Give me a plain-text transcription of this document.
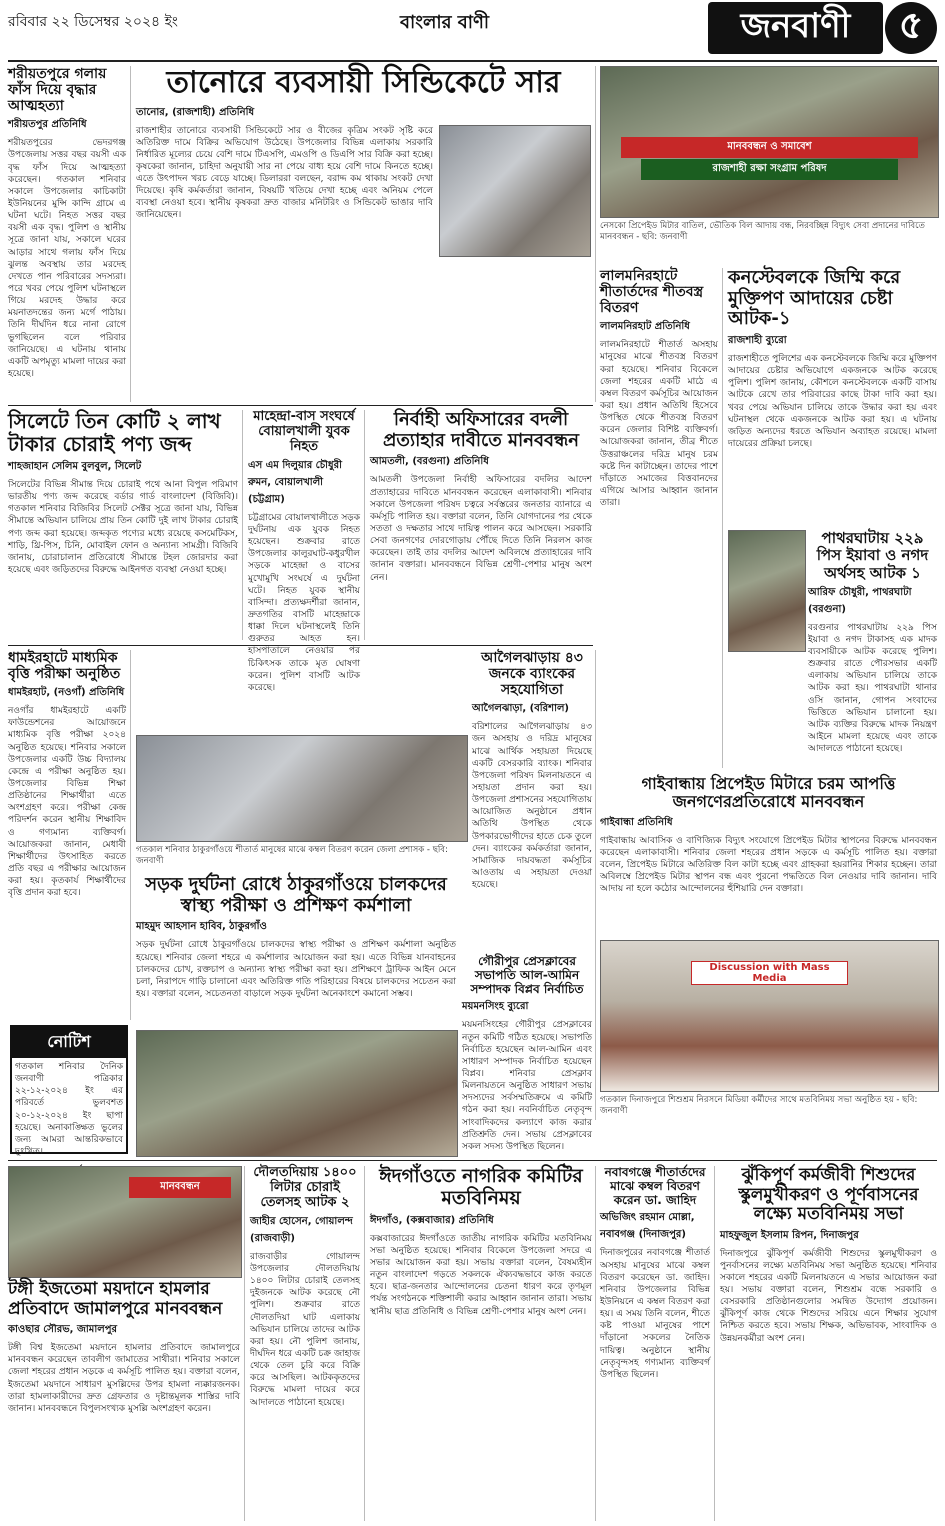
রবিবার ২২ ডিসেম্বর ২০২৪ ইং	বাংলার বাণী	জনবাণী	৫
শরীয়তপুরে গলায় ফাঁস দিয়ে বৃদ্ধার আত্মহত্যা
শরীয়তপুর প্রতিনিধি
শরীয়তপুরের ভেদরগঞ্জ উপজেলায় সত্তর বছর বয়সী এক বৃদ্ধ ফাঁস দিয়ে আত্মহত্যা করেছেন। গতকাল শনিবার সকালে উপজেলার কাচিকাটা ইউনিয়নের মুন্সি কান্দি গ্রামে এ ঘটনা ঘটে। নিহত সত্তর বছর বয়সী এক বৃদ্ধ। পুলিশ ও স্থানীয় সূত্রে জানা যায়, সকালে ঘরের আড়ার সাথে গলায় ফাঁস দিয়ে ঝুলন্ত অবস্থায় তার মরদেহ দেখতে পান পরিবারের সদস্যরা। পরে খবর পেয়ে পুলিশ ঘটনাস্থলে গিয়ে মরদেহ উদ্ধার করে ময়নাতদন্তের জন্য মর্গে পাঠায়। তিনি দীর্ঘদিন ধরে নানা রোগে ভুগছিলেন বলে পরিবার জানিয়েছে। এ ঘটনায় থানায় একটি অপমৃত্যু মামলা দায়ের করা হয়েছে।
তানোরে ব্যবসায়ী সিন্ডিকেটে সার
তানোর, (রাজশাহী) প্রতিনিধি
রাজশাহীর তানোরে ব্যবসায়ী সিন্ডিকেটে সার ও বীজের কৃত্রিম সংকট সৃষ্টি করে অতিরিক্ত দামে বিক্রির অভিযোগ উঠেছে। উপজেলার বিভিন্ন এলাকায় সরকারি নির্ধারিত মূল্যের চেয়ে বেশি দামে টিএসপি, এমওপি ও ডিএপি সার বিক্রি করা হচ্ছে। কৃষকেরা জানান, চাহিদা অনুযায়ী সার না পেয়ে বাধ্য হয়ে বেশি দামে কিনতে হচ্ছে। এতে উৎপাদন খরচ বেড়ে যাচ্ছে। ডিলাররা বলছেন, বরাদ্দ কম থাকায় সংকট দেখা দিয়েছে। কৃষি কর্মকর্তারা জানান, বিষয়টি খতিয়ে দেখা হচ্ছে এবং অনিয়ম পেলে ব্যবস্থা নেওয়া হবে। স্থানীয় কৃষকরা দ্রুত বাজার মনিটরিং ও সিন্ডিকেট ভাঙার দাবি জানিয়েছেন।
মানববন্ধন ও সমাবেশ
রাজশাহী রক্ষা সংগ্রাম পরিষদ
নেসকো প্রিপেইড মিটার বাতিল, ভৌতিক বিল আদায় বন্ধ, নিরবচ্ছিন্ন বিদ্যুৎ সেবা প্রদানের দাবিতে মানববন্ধন - ছবি: জনবাণী
লালমনিরহাটে শীতার্তদের শীতবস্ত্র বিতরণ
লালমনিরহাট প্রতিনিধি
লালমনিরহাটে শীতার্ত অসহায় মানুষের মাঝে শীতবস্ত্র বিতরণ করা হয়েছে। শনিবার বিকেলে জেলা শহরের একটি মাঠে এ কম্বল বিতরণ কর্মসূচির আয়োজন করা হয়। প্রধান অতিথি হিসেবে উপস্থিত থেকে শীতবস্ত্র বিতরণ করেন জেলার বিশিষ্ট ব্যক্তিবর্গ। আয়োজকরা জানান, তীব্র শীতে উত্তরাঞ্চলের দরিদ্র মানুষ চরম কষ্টে দিন কাটাচ্ছেন। তাদের পাশে দাঁড়াতে সমাজের বিত্তবানদের এগিয়ে আসার আহ্বান জানান তারা।
কনস্টেবলকে জিম্মি করে মুক্তিপণ আদায়ের চেষ্টা আটক-১
রাজশাহী ব্যুরো
রাজশাহীতে পুলিশের এক কনস্টেবলকে জিম্মি করে মুক্তিপণ আদায়ের চেষ্টার অভিযোগে একজনকে আটক করেছে পুলিশ। পুলিশ জানায়, কৌশলে কনস্টেবলকে একটি বাসায় আটকে রেখে তার পরিবারের কাছে টাকা দাবি করা হয়। খবর পেয়ে অভিযান চালিয়ে তাকে উদ্ধার করা হয় এবং ঘটনাস্থল থেকে একজনকে আটক করা হয়। এ ঘটনায় জড়িত অন্যদের ধরতে অভিযান অব্যাহত রয়েছে। মামলা দায়েরের প্রক্রিয়া চলছে।
পাথরঘাটায় ২২৯ পিস ইয়াবা ও নগদ অর্থসহ আটক ১
আরিফ চৌধুরী, পাথরঘাটা (বরগুনা)
বরগুনার পাথরঘাটায় ২২৯ পিস ইয়াবা ও নগদ টাকাসহ এক মাদক ব্যবসায়ীকে আটক করেছে পুলিশ। শুক্রবার রাতে পৌরসভার একটি এলাকায় অভিযান চালিয়ে তাকে আটক করা হয়। পাথরঘাটা থানার ওসি জানান, গোপন সংবাদের ভিত্তিতে অভিযান চালানো হয়। আটক ব্যক্তির বিরুদ্ধে মাদক নিয়ন্ত্রণ আইনে মামলা হয়েছে এবং তাকে আদালতে পাঠানো হয়েছে।
সিলেটে তিন কোটি ২ লাখ টাকার চোরাই পণ্য জব্দ
শাহজাহান সেলিম বুলবুল, সিলেট
সিলেটের বিভিন্ন সীমান্ত দিয়ে চোরাই পথে আনা বিপুল পরিমাণ ভারতীয় পণ্য জব্দ করেছে বর্ডার গার্ড বাংলাদেশ (বিজিবি)। গতকাল শনিবার বিজিবির সিলেট সেক্টর সূত্রে জানা যায়, বিভিন্ন সীমান্তে অভিযান চালিয়ে প্রায় তিন কোটি দুই লাখ টাকার চোরাই পণ্য জব্দ করা হয়েছে। জব্দকৃত পণ্যের মধ্যে রয়েছে কসমেটিকস, শাড়ি, থ্রি-পিস, চিনি, মোবাইল ফোন ও অন্যান্য সামগ্রী। বিজিবি জানায়, চোরাচালান প্রতিরোধে সীমান্তে টহল জোরদার করা হয়েছে এবং জড়িতদের বিরুদ্ধে আইনগত ব্যবস্থা নেওয়া হচ্ছে।
মাহেন্দ্রা-বাস সংঘর্ষে বোয়ালখালী যুবক নিহত
এস এম দিলুয়ার চৌধুরী রুমন, বোয়ালখালী (চট্টগ্রাম)
চট্টগ্রামের বোয়ালখালীতে সড়ক দুর্ঘটনায় এক যুবক নিহত হয়েছেন। শুক্রবার রাতে উপজেলার কালুরঘাট-কধুরখীল সড়কে মাহেন্দ্রা ও বাসের মুখোমুখি সংঘর্ষে এ দুর্ঘটনা ঘটে। নিহত যুবক স্থানীয় বাসিন্দা। প্রত্যক্ষদর্শীরা জানান, দ্রুতগতির বাসটি মাহেন্দ্রাকে ধাক্কা দিলে ঘটনাস্থলেই তিনি গুরুতর আহত হন। হাসপাতালে নেওয়ার পর চিকিৎসক তাকে মৃত ঘোষণা করেন। পুলিশ বাসটি আটক করেছে।
নির্বাহী অফিসারের বদলী প্রত্যাহার দাবীতে মানববন্ধন
আমতলী, (বরগুনা) প্রতিনিধি
আমতলী উপজেলা নির্বাহী অফিসারের বদলির আদেশ প্রত্যাহারের দাবিতে মানববন্ধন করেছেন এলাকাবাসী। শনিবার সকালে উপজেলা পরিষদ চত্বরে সর্বস্তরের জনতার ব্যানারে এ কর্মসূচি পালিত হয়। বক্তারা বলেন, তিনি যোগদানের পর থেকে সততা ও দক্ষতার সাথে দায়িত্ব পালন করে আসছেন। সরকারি সেবা জনগণের দোরগোড়ায় পৌঁছে দিতে তিনি নিরলস কাজ করেছেন। তাই তার বদলির আদেশ অবিলম্বে প্রত্যাহারের দাবি জানান বক্তারা। মানববন্ধনে বিভিন্ন শ্রেণী-পেশার মানুষ অংশ নেন।
ধামইরহাটে মাধ্যমিক বৃত্তি পরীক্ষা অনুষ্ঠিত
ধামইরহাট, (নওগাঁ) প্রতিনিধি
নওগাঁর ধামইরহাটে একটি ফাউন্ডেশনের আয়োজনে মাধ্যমিক বৃত্তি পরীক্ষা ২০২৪ অনুষ্ঠিত হয়েছে। শনিবার সকালে উপজেলার একটি উচ্চ বিদ্যালয় কেন্দ্রে এ পরীক্ষা অনুষ্ঠিত হয়। উপজেলার বিভিন্ন শিক্ষা প্রতিষ্ঠানের শিক্ষার্থীরা এতে অংশগ্রহণ করে। পরীক্ষা কেন্দ্র পরিদর্শন করেন স্থানীয় শিক্ষাবিদ ও গণ্যমান্য ব্যক্তিবর্গ। আয়োজকরা জানান, মেধাবী শিক্ষার্থীদের উৎসাহিত করতে প্রতি বছর এ পরীক্ষার আয়োজন করা হয়। কৃতকার্য শিক্ষার্থীদের বৃত্তি প্রদান করা হবে।
গতকাল শনিবার ঠাকুরগাঁওয়ে শীতার্ত মানুষের মাঝে কম্বল বিতরণ করেন জেলা প্রশাসক - ছবি: জনবাণী
আগৈলঝাড়ায় ৪৩ জনকে ব্যাংকের সহযোগিতা
আগৈলঝাড়া, (বরিশাল)
বরিশালের আগৈলঝাড়ায় ৪৩ জন অসহায় ও দরিদ্র মানুষের মাঝে আর্থিক সহায়তা দিয়েছে একটি বেসরকারি ব্যাংক। শনিবার উপজেলা পরিষদ মিলনায়তনে এ সহায়তা প্রদান করা হয়। উপজেলা প্রশাসনের সহযোগিতায় আয়োজিত অনুষ্ঠানে প্রধান অতিথি উপস্থিত থেকে উপকারভোগীদের হাতে চেক তুলে দেন। ব্যাংকের কর্মকর্তারা জানান, সামাজিক দায়বদ্ধতা কর্মসূচির আওতায় এ সহায়তা দেওয়া হয়েছে।
গাইবান্ধায় প্রিপেইড মিটারে চরম আপত্তি জনগণেরপ্রতিরোধে মানববন্ধন
গাইবান্ধা প্রতিনিধি
গাইবান্ধায় আবাসিক ও বাণিজ্যিক বিদ্যুৎ সংযোগে প্রিপেইড মিটার স্থাপনের বিরুদ্ধে মানববন্ধন করেছেন এলাকাবাসী। শনিবার জেলা শহরের প্রধান সড়কে এ কর্মসূচি পালিত হয়। বক্তারা বলেন, প্রিপেইড মিটারে অতিরিক্ত বিল কাটা হচ্ছে এবং গ্রাহকরা হয়রানির শিকার হচ্ছেন। তারা অবিলম্বে প্রিপেইড মিটার স্থাপন বন্ধ এবং পুরনো পদ্ধতিতে বিল নেওয়ার দাবি জানান। দাবি আদায় না হলে কঠোর আন্দোলনের হুঁশিয়ারি দেন বক্তারা।
Discussion with Mass Media
গতকাল দিনাজপুরে শিশুশ্রম নিরসনে মিডিয়া কর্মীদের সাথে মতবিনিময় সভা অনুষ্ঠিত হয় - ছবি: জনবাণী
সড়ক দুর্ঘটনা রোধে ঠাকুরগাঁওয়ে চালকদের স্বাস্থ্য পরীক্ষা ও প্রশিক্ষণ কর্মশালা
মাহমুদ আহসান হাবিব, ঠাকুরগাঁও
সড়ক দুর্ঘটনা রোধে ঠাকুরগাঁওয়ে চালকদের স্বাস্থ্য পরীক্ষা ও প্রশিক্ষণ কর্মশালা অনুষ্ঠিত হয়েছে। শনিবার জেলা শহরে এ কর্মশালার আয়োজন করা হয়। এতে বিভিন্ন যানবাহনের চালকদের চোখ, রক্তচাপ ও অন্যান্য স্বাস্থ্য পরীক্ষা করা হয়। প্রশিক্ষণে ট্রাফিক আইন মেনে চলা, নিরাপদে গাড়ি চালানো এবং অতিরিক্ত গতি পরিহারের বিষয়ে চালকদের সচেতন করা হয়। বক্তারা বলেন, সচেতনতা বাড়ালে সড়ক দুর্ঘটনা অনেকাংশে কমানো সম্ভব।
গৌরীপুর প্রেসক্লাবের সভাপতি আল-আমিন সম্পাদক বিপ্লব নির্বাচিত
ময়মনসিংহ ব্যুরো
ময়মনসিংহের গৌরীপুর প্রেসক্লাবের নতুন কমিটি গঠিত হয়েছে। সভাপতি নির্বাচিত হয়েছেন আল-আমিন এবং সাধারণ সম্পাদক নির্বাচিত হয়েছেন বিপ্লব। শনিবার প্রেসক্লাব মিলনায়তনে অনুষ্ঠিত সাধারণ সভায় সদস্যদের সর্বসম্মতিক্রমে এ কমিটি গঠন করা হয়। নবনির্বাচিত নেতৃবৃন্দ সাংবাদিকদের কল্যাণে কাজ করার প্রতিশ্রুতি দেন। সভায় প্রেসক্লাবের সকল সদস্য উপস্থিত ছিলেন।
নোটিশ
গতকাল শনিবার দৈনিক জনবাণী পত্রিকার ২২-১২-২০২৪ ইং এর পরিবর্তে ভুলবশত ২০-১২-২০২৪ ইং ছাপা হয়েছে। অনাকাঙ্ক্ষিত ভুলের জন্য আমরা আন্তরিকভাবে দুঃখিত।
মানববন্ধন
টঙ্গী ইজতেমা ময়দানে হামলার প্রতিবাদে জামালপুরে মানববন্ধন
কাওছার সৌরভ, জামালপুর
টঙ্গী বিশ্ব ইজতেমা ময়দানে হামলার প্রতিবাদে জামালপুরে মানববন্ধন করেছেন তাবলীগ জামাতের সাথীরা। শনিবার সকালে জেলা শহরের প্রধান সড়কে এ কর্মসূচি পালিত হয়। বক্তারা বলেন, ইজতেমা ময়দানে সাধারণ মুসল্লিদের উপর হামলা ন্যক্কারজনক। তারা হামলাকারীদের দ্রুত গ্রেফতার ও দৃষ্টান্তমূলক শাস্তির দাবি জানান। মানববন্ধনে বিপুলসংখ্যক মুসল্লি অংশগ্রহণ করেন।
দৌলতদিয়ায় ১৪০০ লিটার চোরাই তেলসহ আটক ২
জাহীর হোসেন, গোয়ালন্দ (রাজবাড়ী)
রাজবাড়ীর গোয়ালন্দ উপজেলার দৌলতদিয়ায় ১৪০০ লিটার চোরাই তেলসহ দুইজনকে আটক করেছে নৌ পুলিশ। শুক্রবার রাতে দৌলতদিয়া ঘাট এলাকায় অভিযান চালিয়ে তাদের আটক করা হয়। নৌ পুলিশ জানায়, দীর্ঘদিন ধরে একটি চক্র জাহাজ থেকে তেল চুরি করে বিক্রি করে আসছিল। আটককৃতদের বিরুদ্ধে মামলা দায়ের করে আদালতে পাঠানো হয়েছে।
ঈদগাঁওতে নাগরিক কমিটির মতবিনিময়
ঈদগাঁও, (কক্সবাজার) প্রতিনিধি
কক্সবাজারের ঈদগাঁওতে জাতীয় নাগরিক কমিটির মতবিনিময় সভা অনুষ্ঠিত হয়েছে। শনিবার বিকেলে উপজেলা সদরে এ সভার আয়োজন করা হয়। সভায় বক্তারা বলেন, বৈষম্যহীন নতুন বাংলাদেশ গড়তে সকলকে ঐক্যবদ্ধভাবে কাজ করতে হবে। ছাত্র-জনতার আন্দোলনের চেতনা ধারণ করে তৃণমূল পর্যন্ত সংগঠনকে শক্তিশালী করার আহ্বান জানান তারা। সভায় স্থানীয় ছাত্র প্রতিনিধি ও বিভিন্ন শ্রেণী-পেশার মানুষ অংশ নেন।
নবাবগঞ্জে শীতার্তদের মাঝে কম্বল বিতরণ করেন ডা. জাহিদ
অভিজিৎ রহমান মোল্লা, নবাবগঞ্জ (দিনাজপুর)
দিনাজপুরের নবাবগঞ্জে শীতার্ত অসহায় মানুষের মাঝে কম্বল বিতরণ করেছেন ডা. জাহিদ। শনিবার উপজেলার বিভিন্ন ইউনিয়নে এ কম্বল বিতরণ করা হয়। এ সময় তিনি বলেন, শীতে কষ্ট পাওয়া মানুষের পাশে দাঁড়ানো সকলের নৈতিক দায়িত্ব। অনুষ্ঠানে স্থানীয় নেতৃবৃন্দসহ গণ্যমান্য ব্যক্তিবর্গ উপস্থিত ছিলেন।
ঝুঁকিপূর্ণ কর্মজীবী শিশুদের স্কুলমুখীকরণ ও পূর্ণবাসনের লক্ষ্যে মতবিনিময় সভা
মাহফুজুল ইসলাম রিপন, দিনাজপুর
দিনাজপুরে ঝুঁকিপূর্ণ কর্মজীবী শিশুদের স্কুলমুখীকরণ ও পুনর্বাসনের লক্ষ্যে মতবিনিময় সভা অনুষ্ঠিত হয়েছে। শনিবার সকালে শহরের একটি মিলনায়তনে এ সভার আয়োজন করা হয়। সভায় বক্তারা বলেন, শিশুশ্রম বন্ধে সরকারি ও বেসরকারি প্রতিষ্ঠানগুলোর সমন্বিত উদ্যোগ প্রয়োজন। ঝুঁকিপূর্ণ কাজ থেকে শিশুদের সরিয়ে এনে শিক্ষার সুযোগ নিশ্চিত করতে হবে। সভায় শিক্ষক, অভিভাবক, সাংবাদিক ও উন্নয়নকর্মীরা অংশ নেন।
